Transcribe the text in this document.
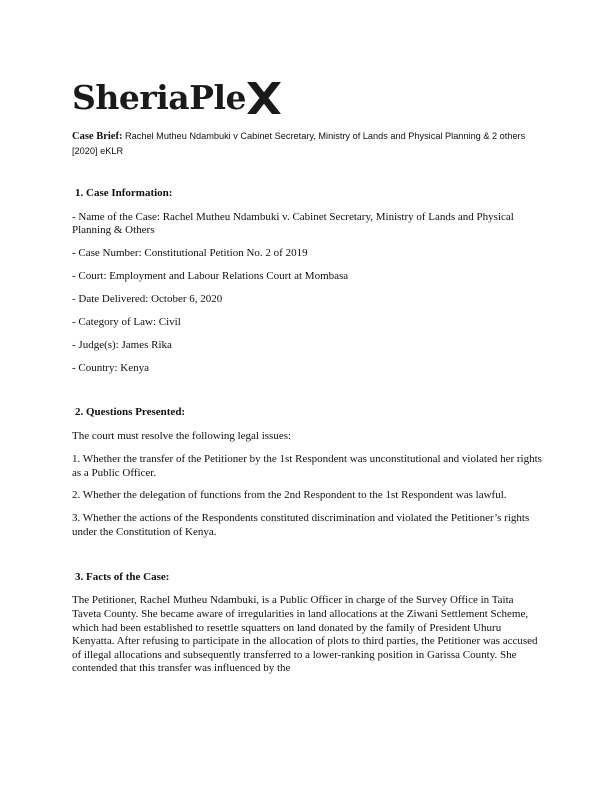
SheriaPle
Case Brief: Rachel Mutheu Ndambuki v Cabinet Secretary, Ministry of Lands and Physical Planning & 2 others [2020] eKLR
1. Case Information:

- Name of the Case: Rachel Mutheu Ndambuki v. Cabinet Secretary, Ministry of Lands and Physical Planning & Others

- Case Number: Constitutional Petition No. 2 of 2019

- Court: Employment and Labour Relations Court at Mombasa

- Date Delivered: October 6, 2020

- Category of Law: Civil

- Judge(s): James Rika

- Country: Kenya

2. Questions Presented:

The court must resolve the following legal issues:

1. Whether the transfer of the Petitioner by the 1st Respondent was unconstitutional and violated her rights as a Public Officer.

2. Whether the delegation of functions from the 2nd Respondent to the 1st Respondent was lawful.

3. Whether the actions of the Respondents constituted discrimination and violated the Petitioner’s rights under the Constitution of Kenya.

3. Facts of the Case:

The Petitioner, Rachel Mutheu Ndambuki, is a Public Officer in charge of the Survey Office in Taita Taveta County. She became aware of irregularities in land allocations at the Ziwani Settlement Scheme, which had been established to resettle squatters on land donated by the family of President Uhuru Kenyatta. After refusing to participate in the allocation of plots to third parties, the Petitioner was accused of illegal allocations and subsequently transferred to a lower-ranking position in Garissa County. She contended that this transfer was influenced by the
